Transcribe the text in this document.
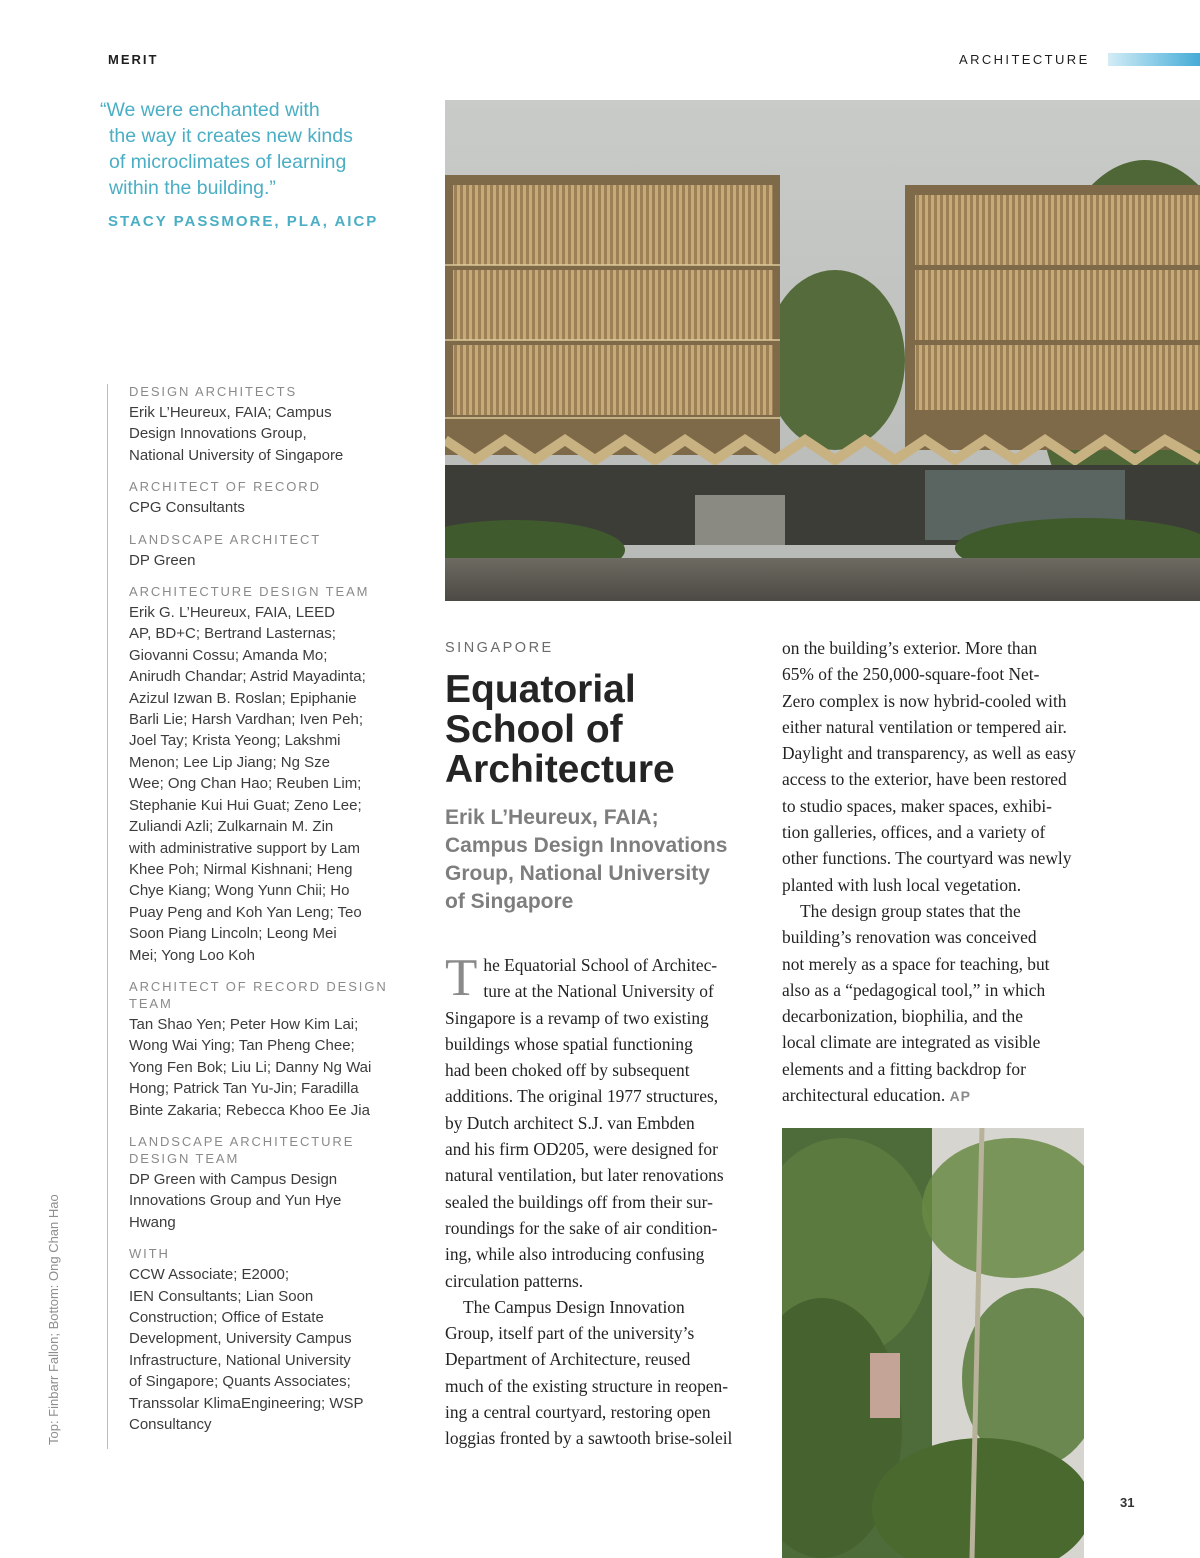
MERIT	ARCHITECTURE
“We were enchanted with
the way it creates new kinds
of microclimates of learning
within the building.”
STACY PASSMORE, PLA, AICP
DESIGN ARCHITECTS
Erik L’Heureux, FAIA; Campus
Design Innovations Group,
National University of Singapore
ARCHITECT OF RECORD
CPG Consultants
LANDSCAPE ARCHITECT
DP Green
ARCHITECTURE DESIGN TEAM
Erik G. L’Heureux, FAIA, LEED
AP, BD+C; Bertrand Lasternas;
Giovanni Cossu; Amanda Mo;
Anirudh Chandar; Astrid Mayadinta;
Azizul Izwan B. Roslan; Epiphanie
Barli Lie; Harsh Vardhan; Iven Peh;
Joel Tay; Krista Yeong; Lakshmi
Menon; Lee Lip Jiang; Ng Sze
Wee; Ong Chan Hao; Reuben Lim;
Stephanie Kui Hui Guat; Zeno Lee;
Zuliandi Azli; Zulkarnain M. Zin
with administrative support by Lam
Khee Poh; Nirmal Kishnani; Heng
Chye Kiang; Wong Yunn Chii; Ho
Puay Peng and Koh Yan Leng; Teo
Soon Piang Lincoln; Leong Mei
Mei; Yong Loo Koh
ARCHITECT OF RECORD DESIGN TEAM
Tan Shao Yen; Peter How Kim Lai;
Wong Wai Ying; Tan Pheng Chee;
Yong Fen Bok; Liu Li; Danny Ng Wai
Hong; Patrick Tan Yu-Jin; Faradilla
Binte Zakaria; Rebecca Khoo Ee Jia
LANDSCAPE ARCHITECTURE DESIGN TEAM
DP Green with Campus Design
Innovations Group and Yun Hye
Hwang
WITH
CCW Associate; E2000;
IEN Consultants; Lian Soon
Construction; Office of Estate
Development, University Campus
Infrastructure, National University
of Singapore; Quants Associates;
Transsolar KlimaEngineering; WSP
Consultancy
Top: Finbarr Fallon; Bottom: Ong Chan Hao
SINGAPORE
Equatorial
School of
Architecture
Erik L’Heureux, FAIA;
Campus Design Innovations
Group, National University
of Singapore
T he Equatorial School of Architec-
ture at the National University of
Singapore is a revamp of two existing
buildings whose spatial functioning
had been choked off by subsequent
additions. The original 1977 structures,
by Dutch architect S.J. van Embden
and his firm OD205, were designed for
natural ventilation, but later renovations
sealed the buildings off from their sur-
roundings for the sake of air condition-
ing, while also introducing confusing
circulation patterns.
The Campus Design Innovation
Group, itself part of the university’s
Department of Architecture, reused
much of the existing structure in reopen-
ing a central courtyard, restoring open
loggias fronted by a sawtooth brise-soleil
on the building’s exterior. More than
65% of the 250,000-square-foot Net-
Zero complex is now hybrid-cooled with
either natural ventilation or tempered air.
Daylight and transparency, as well as easy
access to the exterior, have been restored
to studio spaces, maker spaces, exhibi-
tion galleries, offices, and a variety of
other functions. The courtyard was newly
planted with lush local vegetation.
The design group states that the
building’s renovation was conceived
not merely as a space for teaching, but
also as a “pedagogical tool,” in which
decarbonization, biophilia, and the
local climate are integrated as visible
elements and a fitting backdrop for
architectural education. AP
31
